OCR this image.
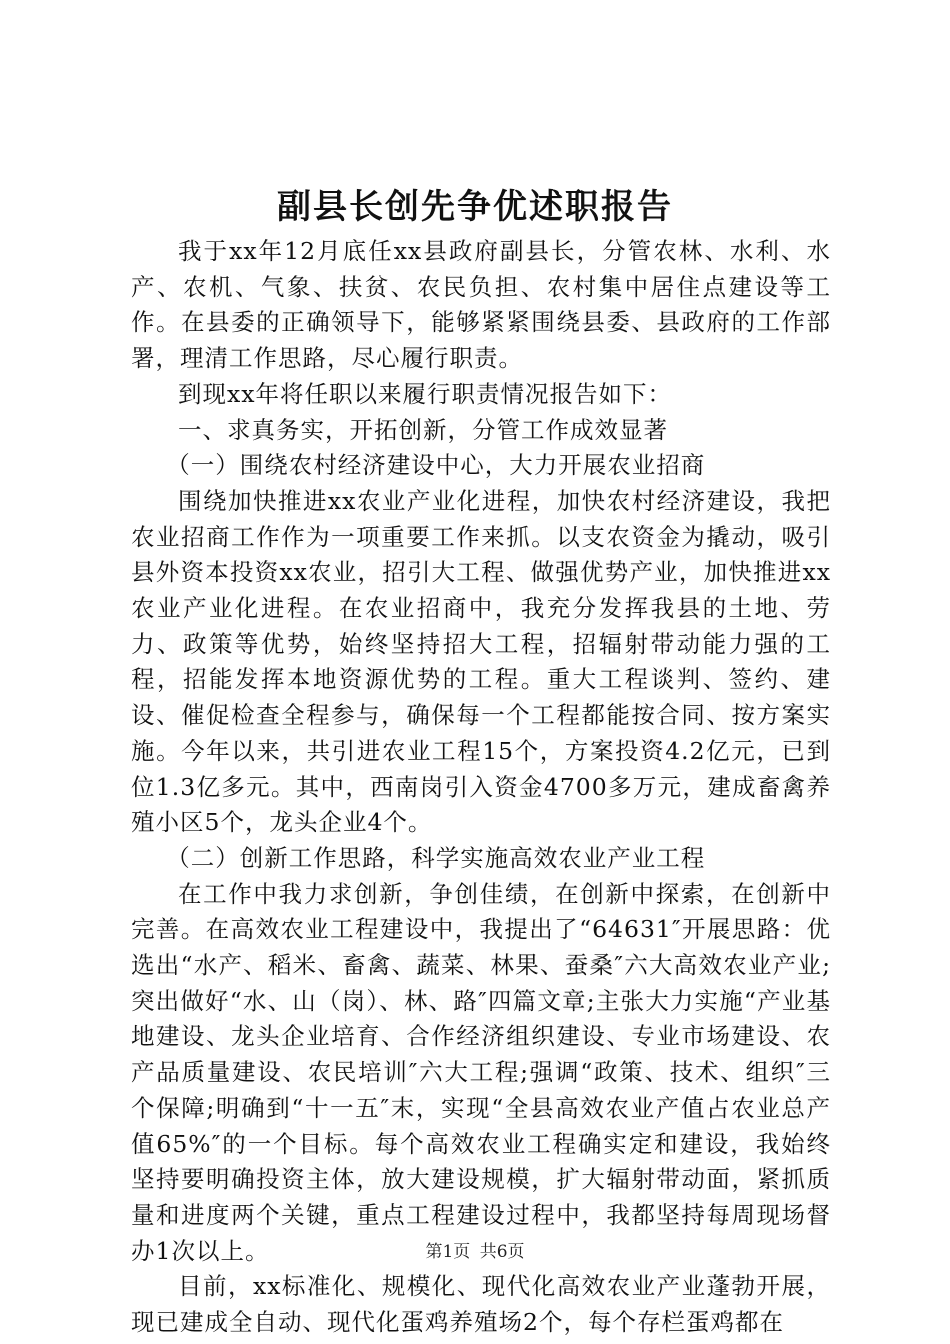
副县长创先争优述职报告

我于xx年12月底任xx县政府副县长，分管农林、水利、水产、农机、气象、扶贫、农民负担、农村集中居住点建设等工作。在县委的正确领导下，能够紧紧围绕县委、县政府的工作部署，理清工作思路，尽心履行职责。

到现xx年将任职以来履行职责情况报告如下：

一、求真务实，开拓创新，分管工作成效显著

（一）围绕农村经济建设中心，大力开展农业招商

围绕加快推进xx农业产业化进程，加快农村经济建设，我把农业招商工作作为一项重要工作来抓。以支农资金为撬动，吸引县外资本投资xx农业，招引大工程、做强优势产业，加快推进xx农业产业化进程。在农业招商中，我充分发挥我县的土地、劳力、政策等优势，始终坚持招大工程，招辐射带动能力强的工程，招能发挥本地资源优势的工程。重大工程谈判、签约、建设、催促检查全程参与，确保每一个工程都能按合同、按方案实施。今年以来，共引进农业工程15个，方案投资4.2亿元，已到位1.3亿多元。其中，西南岗引入资金4700多万元，建成畜禽养殖小区5个，龙头企业4个。

（二）创新工作思路，科学实施高效农业产业工程

在工作中我力求创新，争创佳绩，在创新中探索，在创新中完善。在高效农业工程建设中，我提出了“64631″开展思路：优选出“水产、稻米、畜禽、蔬菜、林果、蚕桑″六大高效农业产业;突出做好“水、山（岗）、林、路″四篇文章;主张大力实施“产业基地建设、龙头企业培育、合作经济组织建设、专业市场建设、农产品质量建设、农民培训″六大工程;强调“政策、技术、组织″三个保障;明确到“十一五″末，实现“全县高效农业产值占农业总产值65%″的一个目标。每个高效农业工程确实定和建设，我始终坚持要明确投资主体，放大建设规模，扩大辐射带动面，紧抓质量和进度两个关键，重点工程建设过程中，我都坚持每周现场督办1次以上。

目前，xx标准化、规模化、现代化高效农业产业蓬勃开展，现已建成全自动、现代化蛋鸡养殖场2个，每个存栏蛋鸡都在

第1页 共6页
